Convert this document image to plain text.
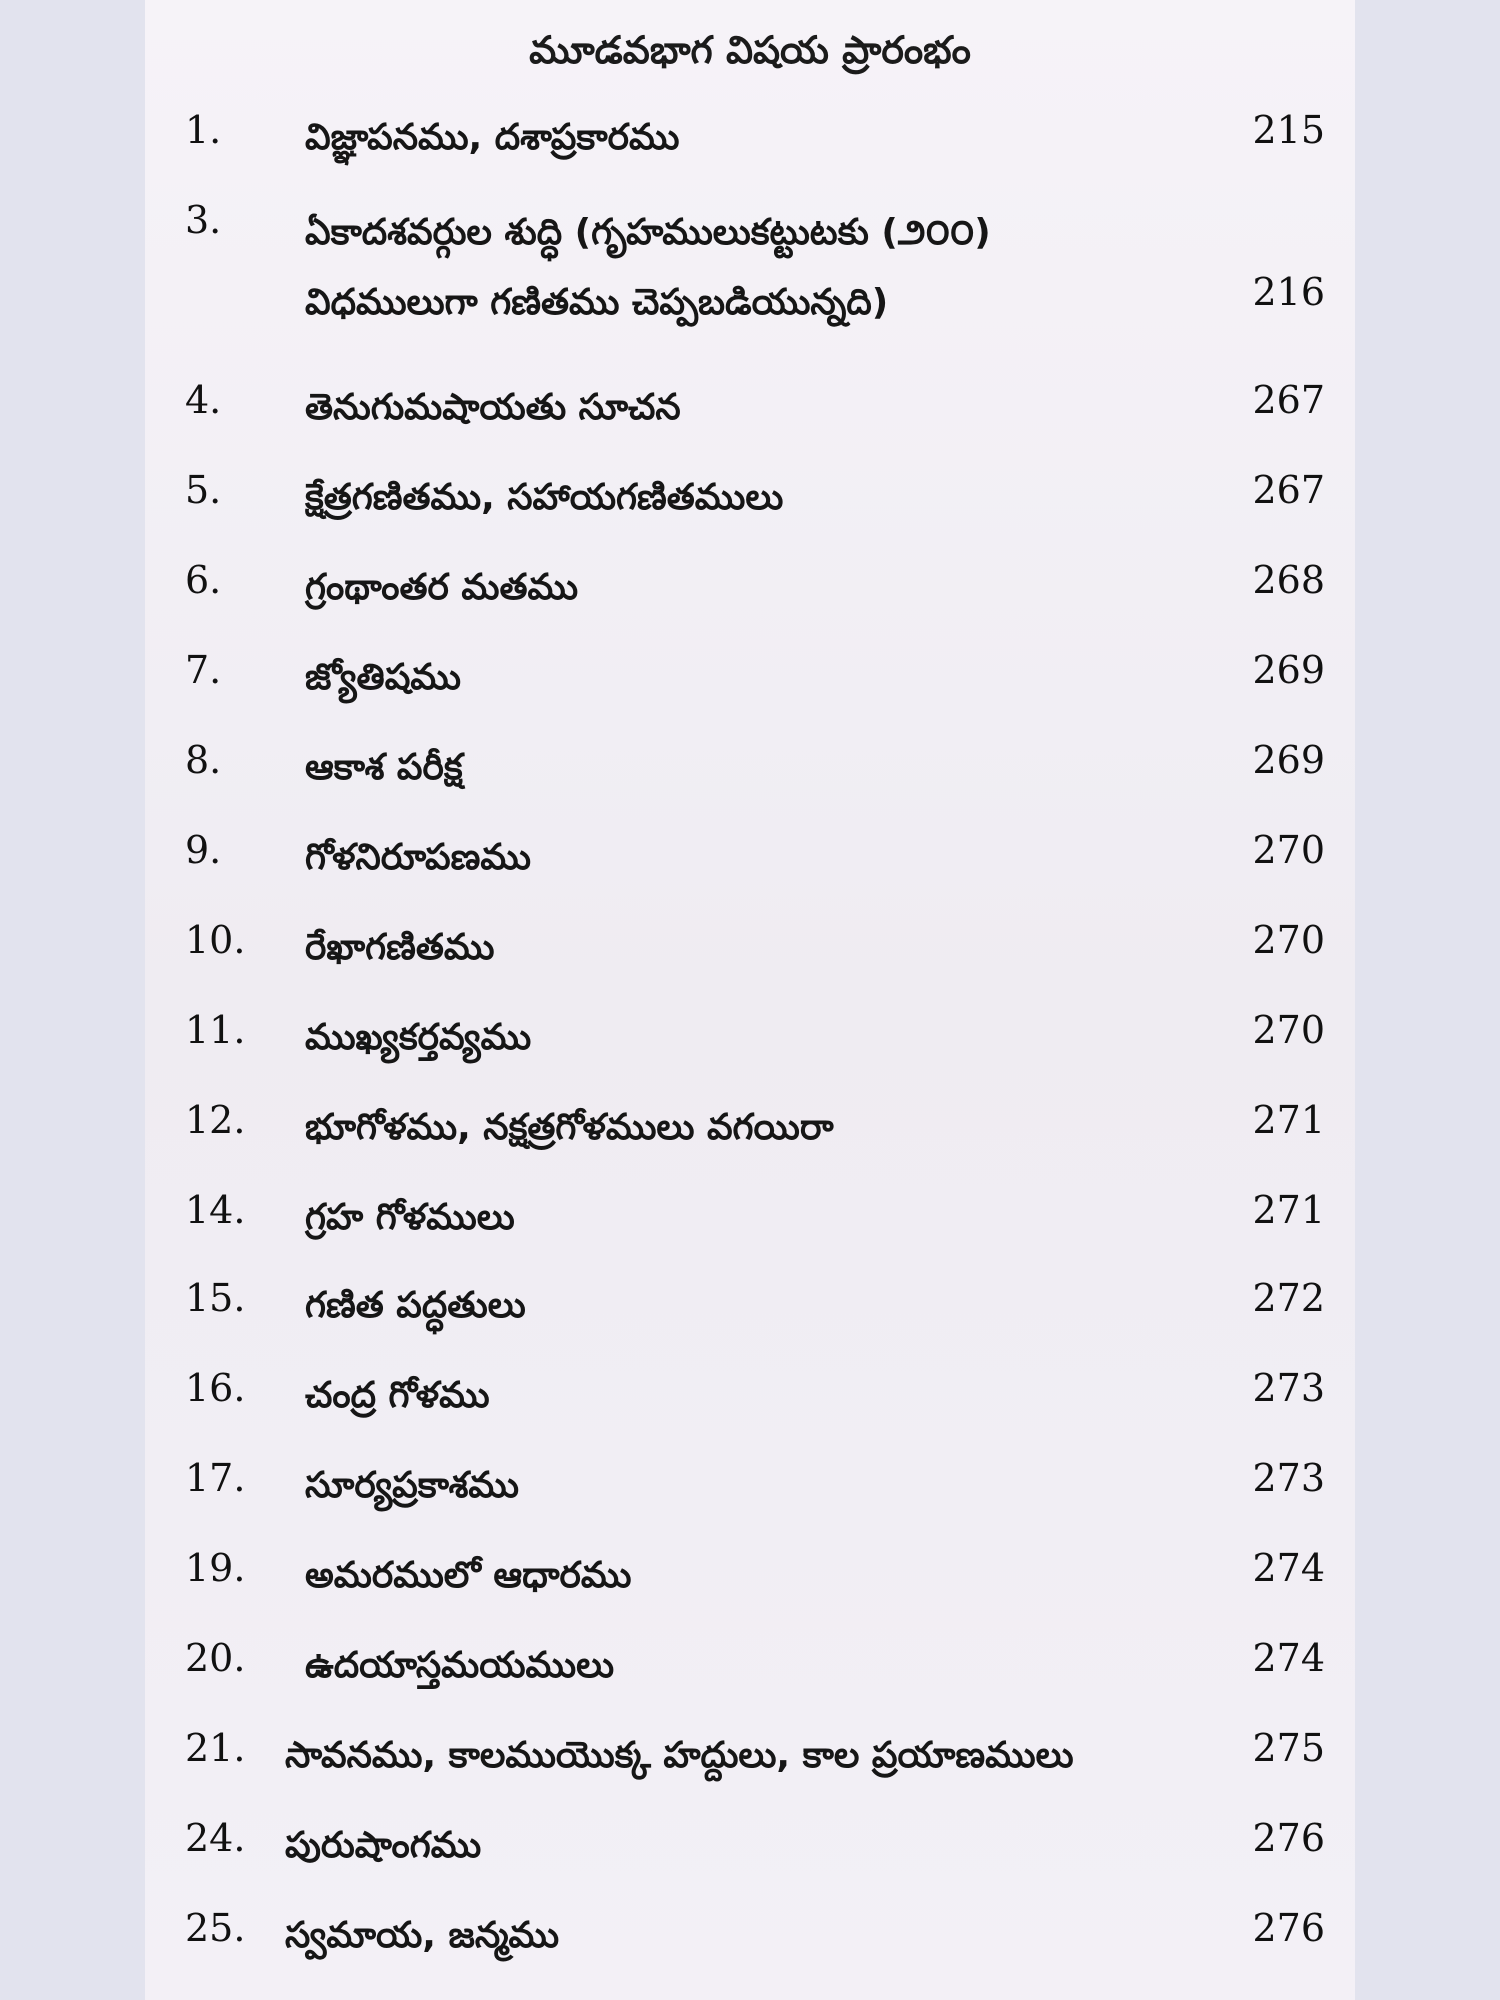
మూడవభాగ విషయ ప్రారంభం
1. విజ్ఞాపనము, దశాప్రకారము	215
3. ఏకాదశవర్గుల శుద్ధి (గృహములుకట్టుటకు (౨౦౦) విధములుగా గణితము చెప్పబడియున్నది)	216
4. తెనుగుమషాయతు సూచన	267
5. క్షేత్రగణితము, సహాయగణితములు	267
6. గ్రంథాంతర మతము	268
7. జ్యోతిషము	269
8. ఆకాశ పరీక్ష	269
9. గోళనిరూపణము	270
10. రేఖాగణితము	270
11. ముఖ్యకర్తవ్యము	270
12. భూగోళము, నక్షత్రగోళములు వగయిరా	271
14. గ్రహ గోళములు	271
15. గణిత పద్ధతులు	272
16. చంద్ర గోళము	273
17. సూర్యప్రకాశము	273
19. అమరములో ఆధారము	274
20. ఉదయాస్తమయములు	274
21. సావనము, కాలముయొక్క హద్దులు, కాల ప్రయాణములు	275
24. పురుషాంగము	276
25. స్వమాయ, జన్మము	276
